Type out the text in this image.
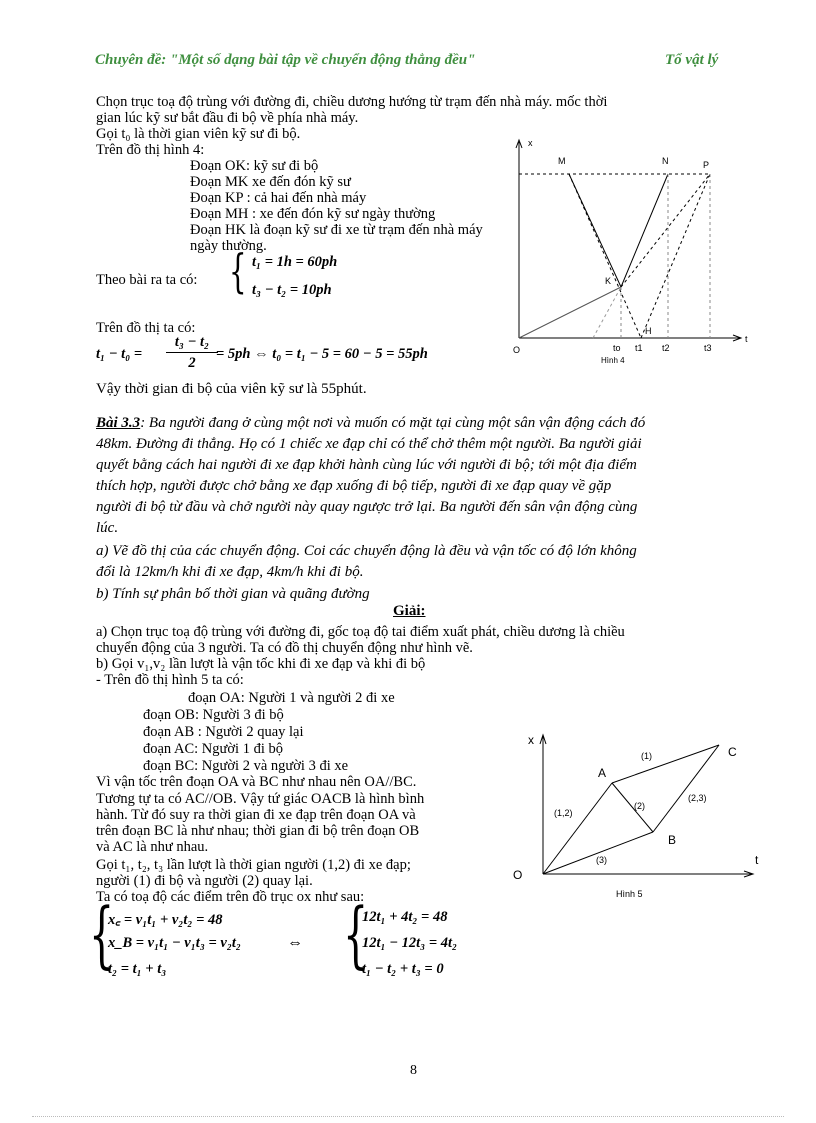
Chuyên đề: "Một số dạng bài tập về chuyển động thẳng đều"	Tổ vật lý
Chọn trục toạ độ trùng với đường đi, chiều dương hướng từ trạm đến nhà máy. mốc thời
gian lúc kỹ sư bắt đầu đi bộ về phía nhà máy.
Gọi t₀ là thời gian viên kỹ sư đi bộ.
Trên đồ thị hình 4:
Đoạn OK: kỹ sư đi bộ
Đoạn MK xe đến đón kỹ sư
Đoạn KP : cả hai đến nhà máy
Đoạn MH : xe đến đón kỹ sư ngày thường
Đoạn HK là đoạn kỹ sư đi xe từ trạm đến nhà máy
ngày thường.
Theo bài ra ta có: { t₁ = 1h = 60ph
t₃ − t₂ = 10ph
Trên đồ thị ta có:
t₁ − t₀ =
t₃ − t₂
2
= 5ph ⇔ t₀ = t₁ − 5 = 60 − 5 = 55ph
Vậy thời gian đi bộ của viên kỹ sư là 55phút.
x
t
O
M	N	P
K
H
to t1 t2	t3
Hình 4
Bài 3.3: Ba người đang ở cùng một nơi và muốn có mặt tại cùng một sân vận động cách đó
48km. Đường đi thẳng. Họ có 1 chiếc xe đạp chỉ có thể chở thêm một người. Ba người giải
quyết bằng cách hai người đi xe đạp khởi hành cùng lúc với người đi bộ; tới một địa điểm
thích hợp, người được chở bằng xe đạp xuống đi bộ tiếp, người đi xe đạp quay về gặp
người đi bộ từ đầu và chở người này quay ngược trở lại. Ba người đến sân vận động cùng
lúc.
a) Vẽ đồ thị của các chuyển động. Coi các chuyển động là đều và vận tốc có độ lớn không
đổi là 12km/h khi đi xe đạp, 4km/h khi đi bộ.
b) Tính sự phân bố thời gian và quãng đường
Giải:
a) Chọn trục toạ độ trùng với đường đi, gốc toạ độ tai điểm xuất phát, chiều dương là chiều
chuyển động của 3 người. Ta có đồ thị chuyển động như hình vẽ.
b) Gọi v₁,v₂ lần lượt là vận tốc khi đi xe đạp và khi đi bộ
- Trên đồ thị hình 5 ta có:
đoạn OA: Người 1 và người 2 đi xe
đoạn OB: Người 3 đi bộ
đoạn AB : Người 2 quay lại
đoạn AC: Người 1 đi bộ
đoạn BC: Người 2 và người 3 đi xe
Vì vận tốc trên đoạn OA và BC như nhau nên OA//BC.
Tương tự ta có AC//OB. Vậy tứ giác OACB là hình bình
hành. Từ đó suy ra thời gian đi xe đạp trên đoạn OA và
trên đoạn BC là như nhau; thời gian đi bộ trên đoạn OB
và AC là như nhau.
Gọi t₁, t₂, t₃ lần lượt là thời gian người (1,2) đi xe đạp;
người (1) đi bộ và người (2) quay lại.
Ta có toạ độ các điểm trên đồ trục ox như sau:
{
x꜀ = v₁t₁ + v₂t₂ = 48
x_B = v₁t₁ − v₁t₃ = v₂t₂
t₂ = t₁ + t₃
⇔ {
12t₁ + 4t₂ = 48
12t₁ − 12t₃ = 4t₂
t₁ − t₂ + t₃ = 0
x
t
O
A
B
C
(1)
(1,2)
(2)
(2,3)
(3)
Hình 5
8
